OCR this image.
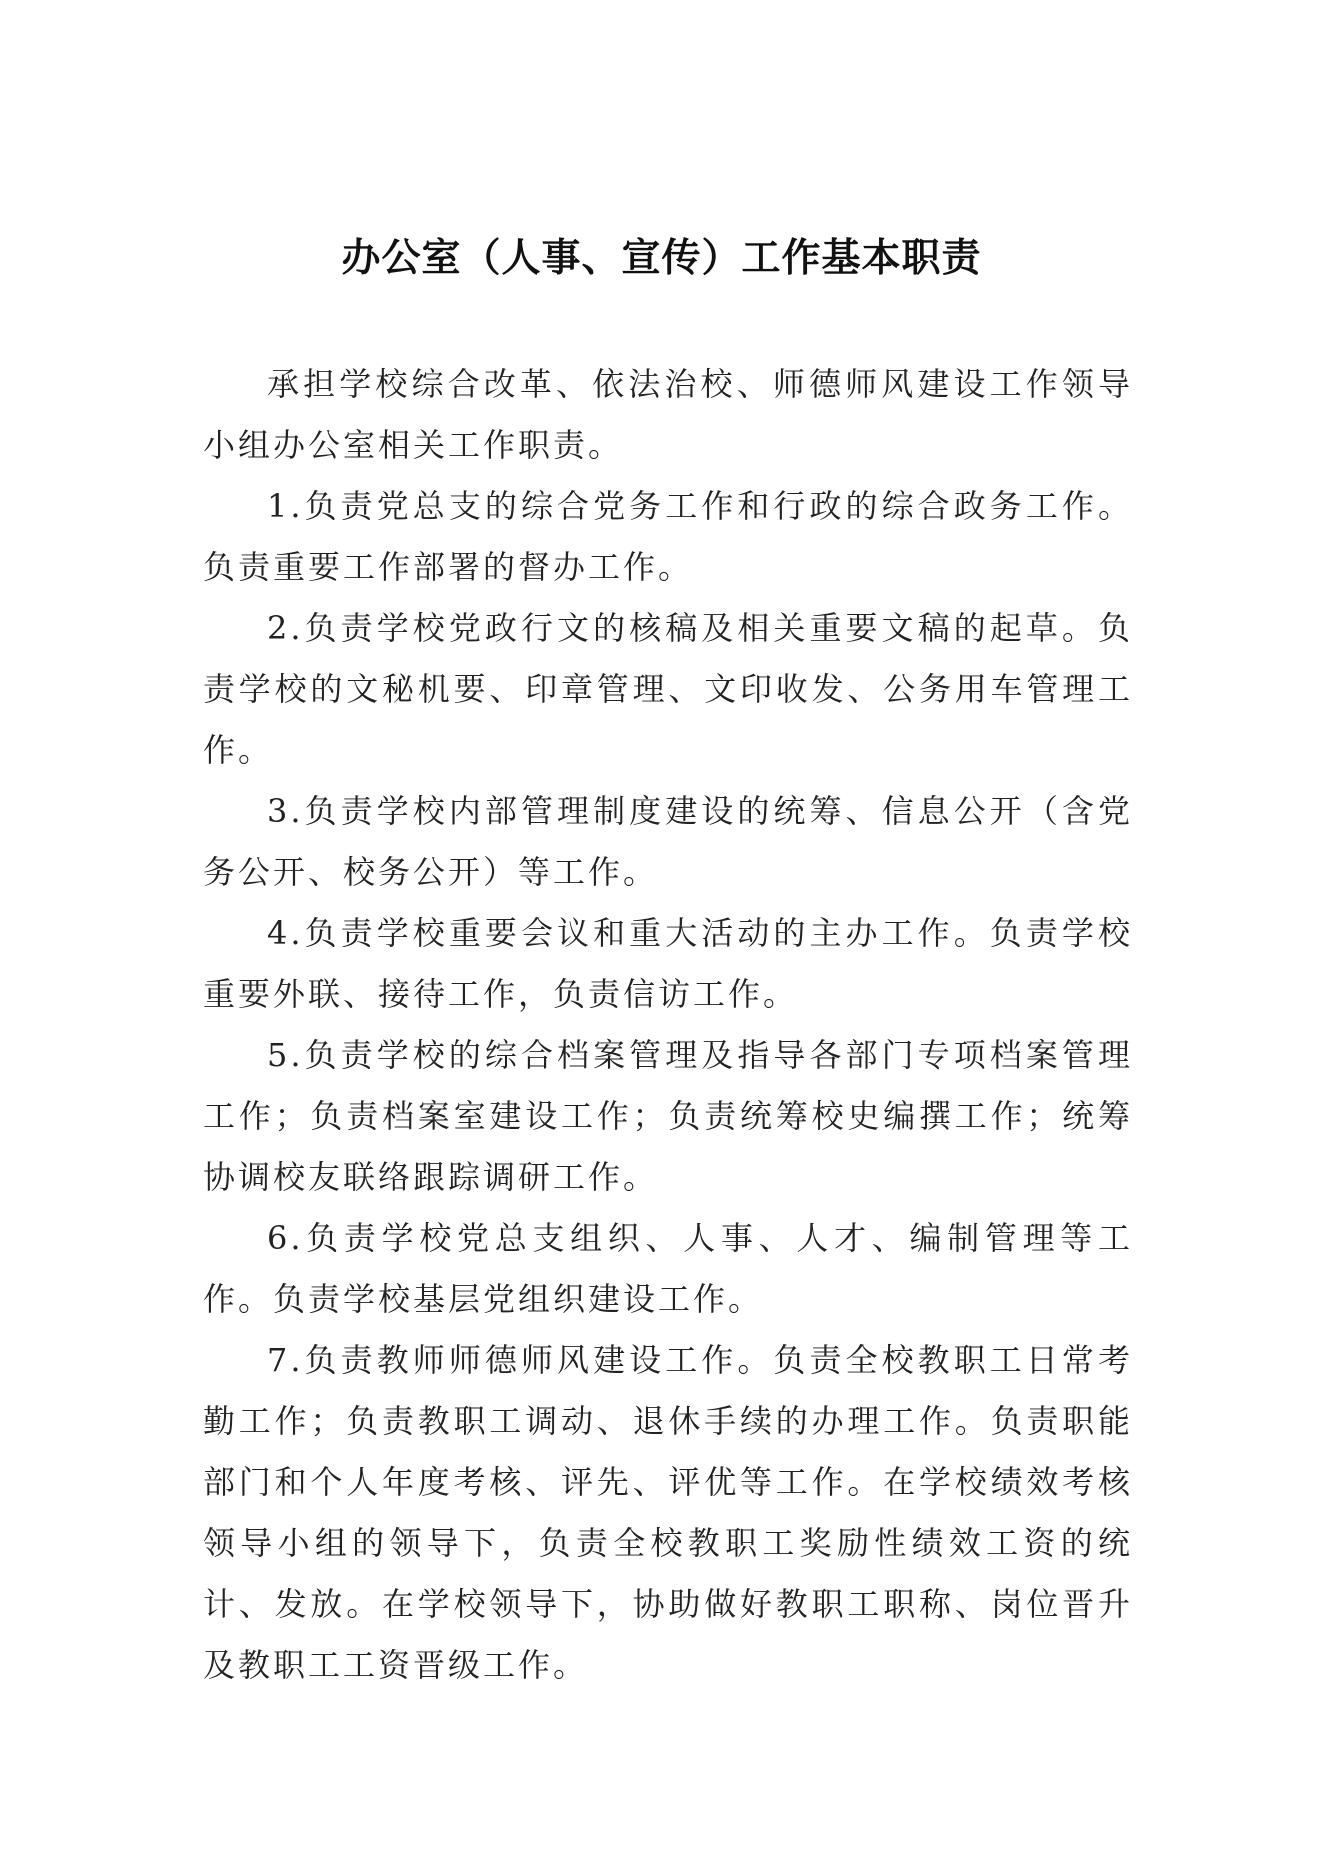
办公室（人事、宣传）工作基本职责

承担学校综合改革、依法治校、师德师风建设工作领导小组办公室相关工作职责。

1.负责党总支的综合党务工作和行政的综合政务工作。负责重要工作部署的督办工作。

2.负责学校党政行文的核稿及相关重要文稿的起草。负责学校的文秘机要、印章管理、文印收发、公务用车管理工作。

3.负责学校内部管理制度建设的统筹、信息公开（含党务公开、校务公开）等工作。

4.负责学校重要会议和重大活动的主办工作。负责学校重要外联、接待工作，负责信访工作。

5.负责学校的综合档案管理及指导各部门专项档案管理工作；负责档案室建设工作；负责统筹校史编撰工作；统筹协调校友联络跟踪调研工作。

6.负责学校党总支组织、人事、人才、编制管理等工作。负责学校基层党组织建设工作。

7.负责教师师德师风建设工作。负责全校教职工日常考勤工作；负责教职工调动、退休手续的办理工作。负责职能部门和个人年度考核、评先、评优等工作。在学校绩效考核领导小组的领导下，负责全校教职工奖励性绩效工资的统计、发放。在学校领导下，协助做好教职工职称、岗位晋升及教职工工资晋级工作。
